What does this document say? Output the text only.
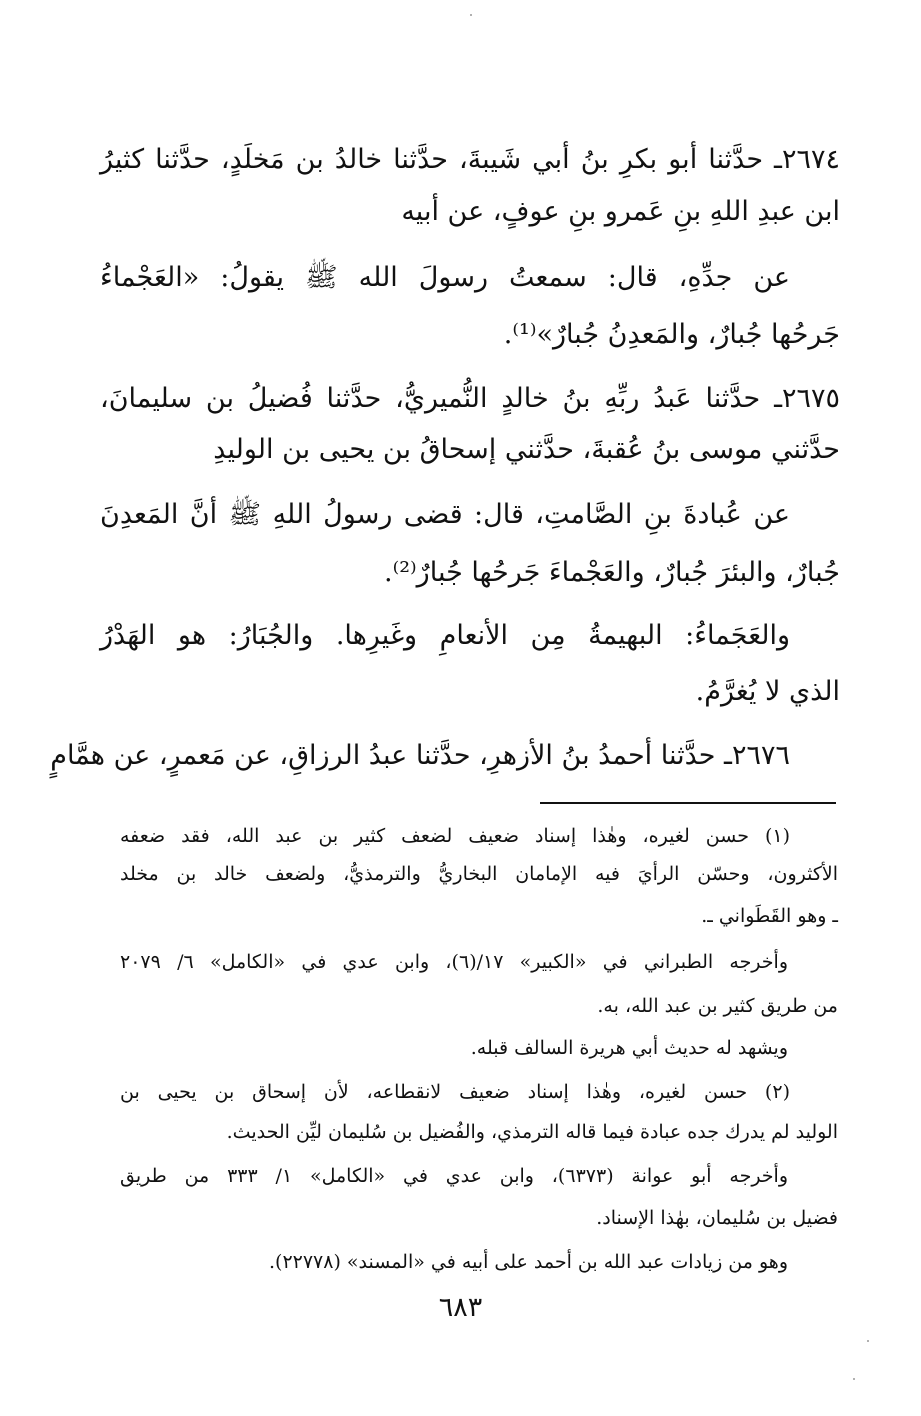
٢٦٧٤ـ حدَّثنا أبو بكرِ بنُ أبي شَيبةَ، حدَّثنا خالدُ بن مَخلَدٍ، حدَّثنا كثيرُ
ابن عبدِ اللهِ بنِ عَمرو بنِ عوفٍ، عن أبيه
عن جدِّهِ، قال: سمعتُ رسولَ الله ﷺ يقولُ: «العَجْماءُ
جَرحُها جُبارٌ، والمَعدِنُ جُبارٌ»⁽¹⁾.
٢٦٧٥ـ حدَّثنا عَبدُ ربِّهِ بنُ خالدٍ النُّميريُّ، حدَّثنا فُضيلُ بن سليمانَ،
حدَّثني موسى بنُ عُقبةَ، حدَّثني إسحاقُ بن يحيى بن الوليدِ
عن عُبادةَ بنِ الصَّامتِ، قال: قضى رسولُ اللهِ ﷺ أنَّ المَعدِنَ
جُبارٌ، والبئرَ جُبارٌ، والعَجْماءَ جَرحُها جُبارٌ⁽²⁾.
والعَجَماءُ: البهيمةُ مِن الأنعامِ وغَيرِها. والجُبَارُ: هو الهَدْرُ
الذي لا يُغرَّمُ.
٢٦٧٦ـ حدَّثنا أحمدُ بنُ الأزهرِ، حدَّثنا عبدُ الرزاقِ، عن مَعمرٍ، عن همَّامٍ
(١) حسن لغيره، وهٰذا إسناد ضعيف لضعف كثير بن عبد الله، فقد ضعفه
الأكثرون، وحسّن الرأيَ فيه الإمامان البخاريُّ والترمذيُّ، ولضعف خالد بن مخلد
ـ وهو القَطَواني ـ.
وأخرجه الطبراني في «الكبير» ١٧/(٦)، وابن عدي في «الكامل» ٦/ ٢٠٧٩
من طريق كثير بن عبد الله، به.
ويشهد له حديث أبي هريرة السالف قبله.
(٢) حسن لغيره، وهٰذا إسناد ضعيف لانقطاعه، لأن إسحاق بن يحيى بن
الوليد لم يدرك جده عبادة فيما قاله الترمذي، والفُضيل بن سُليمان ليِّن الحديث.
وأخرجه أبو عوانة (٦٣٧٣)، وابن عدي في «الكامل» ١/ ٣٣٣ من طريق
فضيل بن سُليمان، بهٰذا الإسناد.
وهو من زيادات عبد الله بن أحمد على أبيه في «المسند» (٢٢٧٧٨).
٦٨٣
